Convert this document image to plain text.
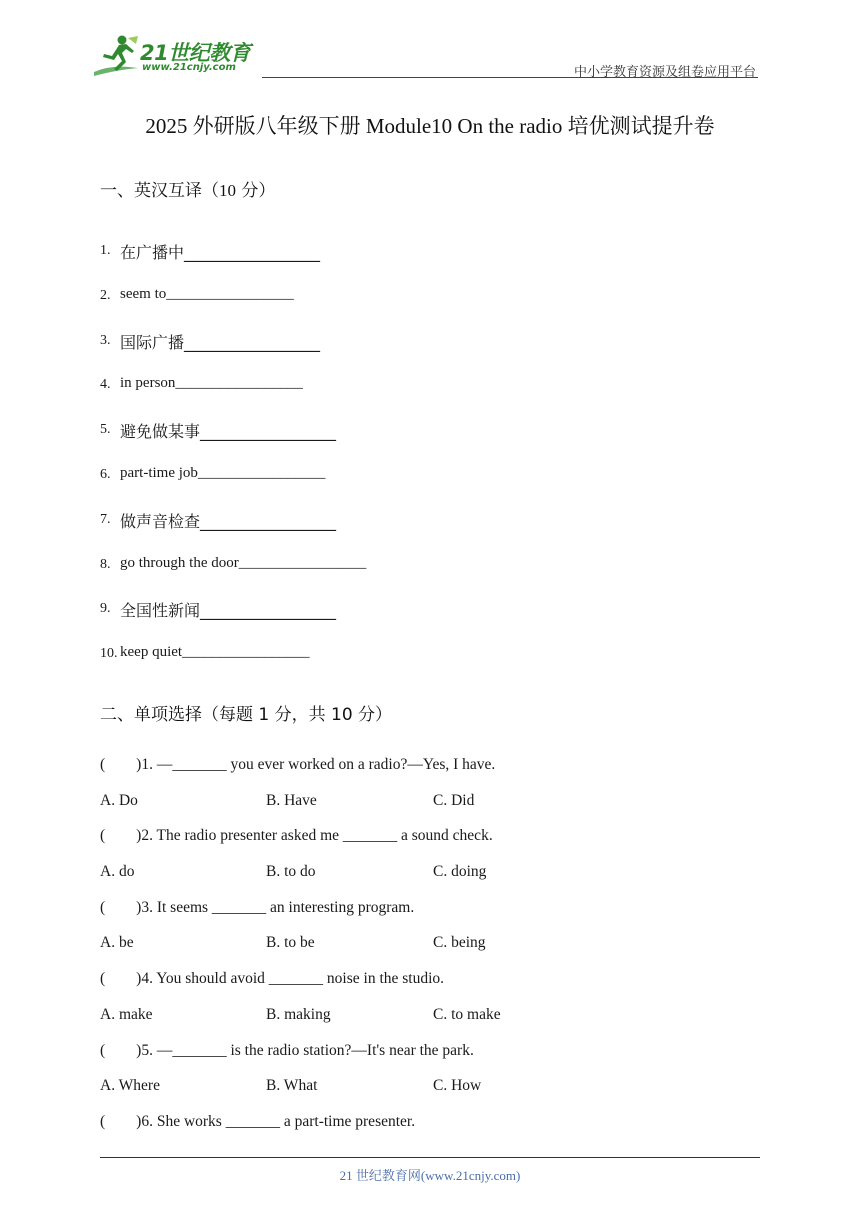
21世纪教育
www.21cnjy.com	中小学教育资源及组卷应用平台
2025 外研版八年级下册 Module10 On the radio 培优测试提升卷
一、英汉互译（10 分）
1. 在广播中_________________
2. seem to_________________
3. 国际广播_________________
4. in person_________________
5. 避免做某事_________________
6. part-time job_________________
7. 做声音检查_________________
8. go through the door_________________
9. 全国性新闻_________________
10. keep quiet_________________
二、单项选择（每题 1 分，共 10 分）
(        )1. —_______ you ever worked on a radio?—Yes, I have.
A. Do	B. Have	C. Did
(        )2. The radio presenter asked me _______ a sound check.
A. do	B. to do	C. doing
(        )3. It seems _______ an interesting program.
A. be	B. to be	C. being
(        )4. You should avoid _______ noise in the studio.
A. make	B. making	C. to make
(        )5. —_______ is the radio station?—It's near the park.
A. Where	B. What	C. How
(        )6. She works _______ a part-time presenter.
21 世纪教育网(www.21cnjy.com)
